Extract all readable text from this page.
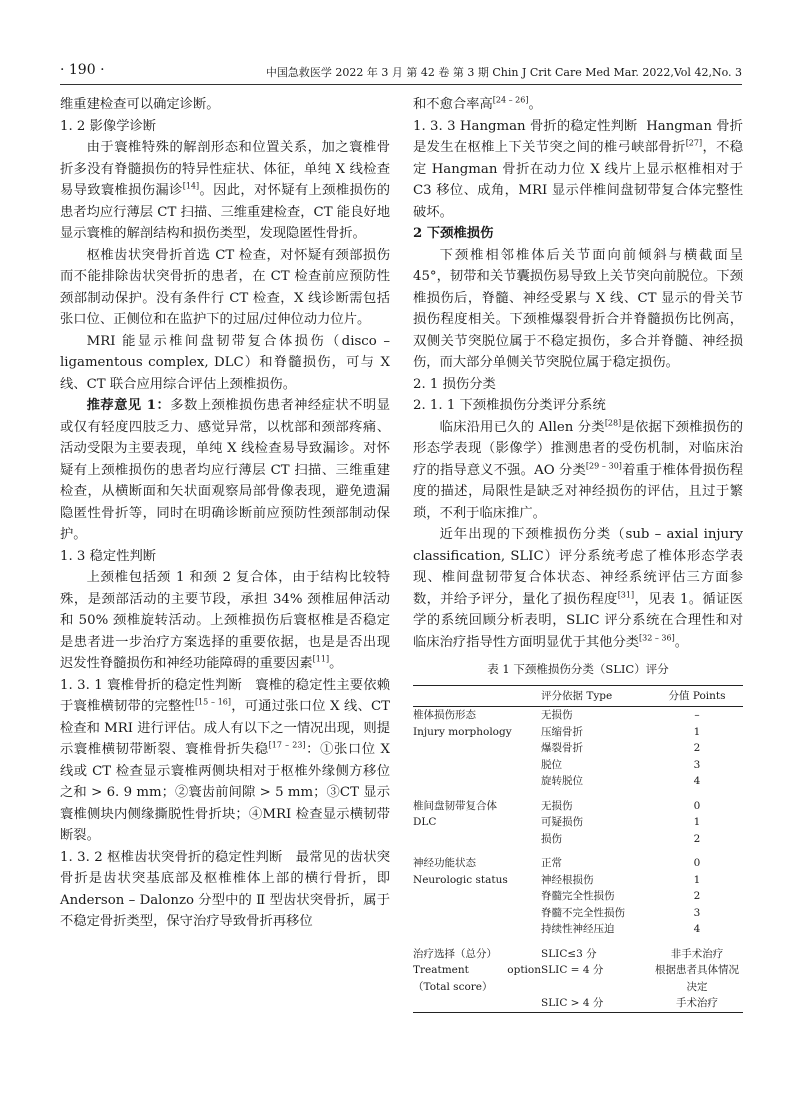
· 190 ·	中国急救医学 2022 年 3 月 第 42 卷 第 3 期 Chin J Crit Care Med Mar. 2022,Vol 42,No. 3

维重建检查可以确定诊断。

1. 2 影像学诊断

由于寰椎特殊的解剖形态和位置关系，加之寰椎骨折多没有脊髓损伤的特异性症状、体征，单纯 X 线检查易导致寰椎损伤漏诊[14]。因此，对怀疑有上颈椎损伤的患者均应行薄层 CT 扫描、三维重建检查，CT 能良好地显示寰椎的解剖结构和损伤类型，发现隐匿性骨折。

枢椎齿状突骨折首选 CT 检查，对怀疑有颈部损伤而不能排除齿状突骨折的患者，在 CT 检查前应预防性颈部制动保护。没有条件行 CT 检查，X 线诊断需包括张口位、正侧位和在监护下的过屈/过伸位动力位片。

MRI 能显示椎间盘韧带复合体损伤（disco – ligamentous complex, DLC）和脊髓损伤，可与 X 线、CT 联合应用综合评估上颈椎损伤。

推荐意见 1：多数上颈椎损伤患者神经症状不明显或仅有轻度四肢乏力、感觉异常，以枕部和颈部疼痛、活动受限为主要表现，单纯 X 线检查易导致漏诊。对怀疑有上颈椎损伤的患者均应行薄层 CT 扫描、三维重建检查，从横断面和矢状面观察局部骨像表现，避免遗漏隐匿性骨折等，同时在明确诊断前应预防性颈部制动保护。

1. 3 稳定性判断

上颈椎包括颈 1 和颈 2 复合体，由于结构比较特殊，是颈部活动的主要节段，承担 34% 颈椎屈伸活动和 50% 颈椎旋转活动。上颈椎损伤后寰枢椎是否稳定是患者进一步治疗方案选择的重要依据，也是是否出现迟发性脊髓损伤和神经功能障碍的重要因素[11]。

1. 3. 1 寰椎骨折的稳定性判断 寰椎的稳定性主要依赖于寰椎横韧带的完整性[15 – 16]，可通过张口位 X 线、CT 检查和 MRI 进行评估。成人有以下之一情况出现，则提示寰椎横韧带断裂、寰椎骨折失稳[17 – 23]：①张口位 X 线或 CT 检查显示寰椎两侧块相对于枢椎外缘侧方移位之和 > 6. 9 mm；②寰齿前间隙 > 5 mm；③CT 显示寰椎侧块内侧缘撕脱性骨折块；④MRI 检查显示横韧带断裂。

1. 3. 2 枢椎齿状突骨折的稳定性判断 最常见的齿状突骨折是齿状突基底部及枢椎椎体上部的横行骨折，即 Anderson – Dalonzo 分型中的 Ⅱ 型齿状突骨折，属于不稳定骨折类型，保守治疗导致骨折再移位

和不愈合率高[24 – 26]。

1. 3. 3 Hangman 骨折的稳定性判断 Hangman 骨折是发生在枢椎上下关节突之间的椎弓峡部骨折[27]，不稳定 Hangman 骨折在动力位 X 线片上显示枢椎相对于 C3 移位、成角，MRI 显示伴椎间盘韧带复合体完整性破坏。

2 下颈椎损伤

下颈椎相邻椎体后关节面向前倾斜与横截面呈 45°，韧带和关节囊损伤易导致上关节突向前脱位。下颈椎损伤后，脊髓、神经受累与 X 线、CT 显示的骨关节损伤程度相关。下颈椎爆裂骨折合并脊髓损伤比例高，双侧关节突脱位属于不稳定损伤，多合并脊髓、神经损伤，而大部分单侧关节突脱位属于稳定损伤。

2. 1 损伤分类
2. 1. 1 下颈椎损伤分类评分系统

临床沿用已久的 Allen 分类[28]是依据下颈椎损伤的形态学表现（影像学）推测患者的受伤机制，对临床治疗的指导意义不强。AO 分类[29 – 30]着重于椎体骨损伤程度的描述，局限性是缺乏对神经损伤的评估，且过于繁琐，不利于临床推广。

近年出现的下颈椎损伤分类（sub – axial injury classification, SLIC）评分系统考虑了椎体形态学表现、椎间盘韧带复合体状态、神经系统评估三方面参数，并给予评分，量化了损伤程度[31]，见表 1。循证医学的系统回顾分析表明，SLIC 评分系统在合理性和对临床治疗指导性方面明显优于其他分类[32 – 36]。

表 1 下颈椎损伤分类（SLIC）评分
	评分依据 Type	分值 Points
椎体损伤形态	无损伤	–
Injury morphology	压缩骨折	1
	爆裂骨折	2
	脱位	3
	旋转脱位	4
椎间盘韧带复合体	无损伤	0
DLC	可疑损伤	1
	损伤	2
神经功能状态	正常	0
Neurologic status	神经根损伤	1
	脊髓完全性损伤	2
	脊髓不完全性损伤	3
	持续性神经压迫	4
治疗选择（总分）	SLIC≤3 分	非手术治疗
Treatment option（Total score）	SLIC = 4 分	根据患者具体情况决定
	SLIC > 4 分	手术治疗
